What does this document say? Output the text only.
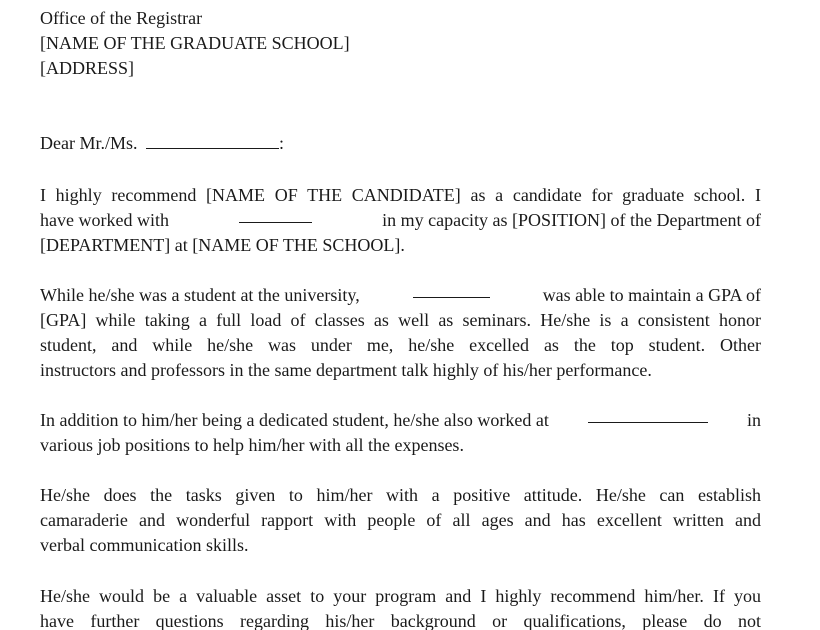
Office of the Registrar
[NAME OF THE GRADUATE SCHOOL]
[ADDRESS]
Dear Mr./Ms.	:
I highly recommend [NAME OF THE CANDIDATE] as a candidate for graduate school. I
have worked with	in my capacity as [POSITION] of the Department of
[DEPARTMENT] at [NAME OF THE SCHOOL].
While he/she was a student at the university,	was able to maintain a GPA of
[GPA] while taking a full load of classes as well as seminars. He/she is a consistent honor
student, and while he/she was under me, he/she excelled as the top student. Other
instructors and professors in the same department talk highly of his/her performance.
In addition to him/her being a dedicated student, he/she also worked at	in
various job positions to help him/her with all the expenses.
He/she does the tasks given to him/her with a positive attitude. He/she can establish
camaraderie and wonderful rapport with people of all ages and has excellent written and
verbal communication skills.
He/she would be a valuable asset to your program and I highly recommend him/her. If you
have further questions regarding his/her background or qualifications, please do not
